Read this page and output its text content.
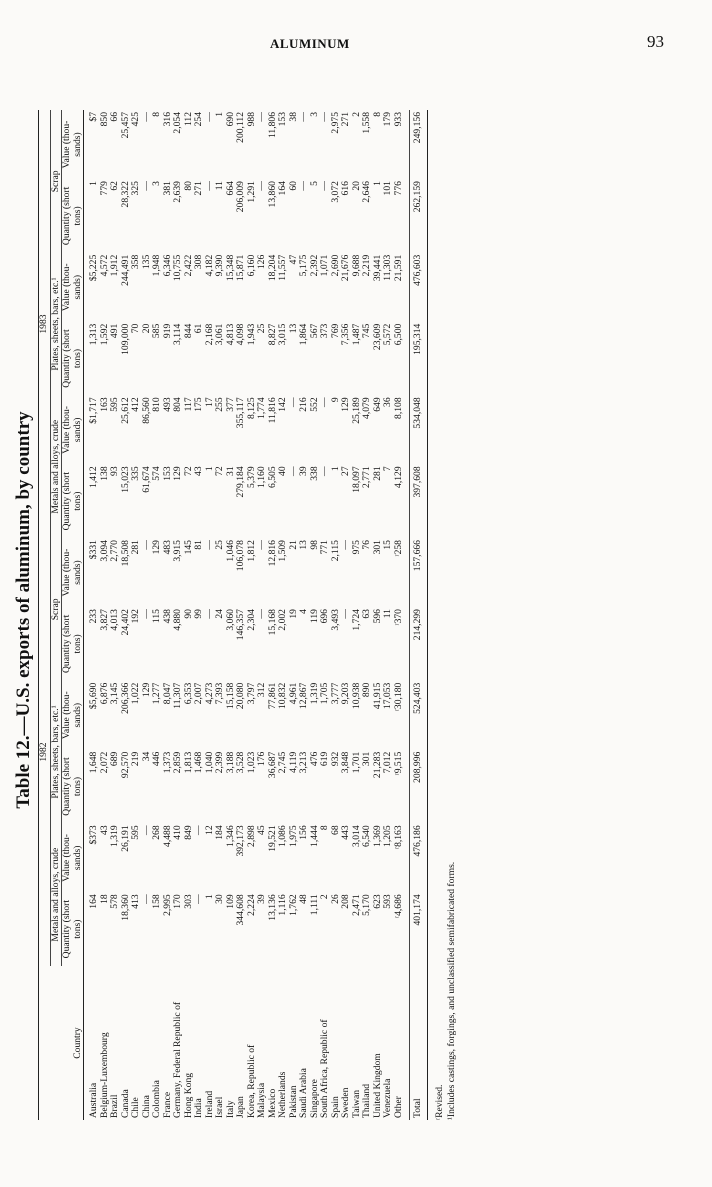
ALUMINUM	93
Table 12.—U.S. exports of aluminum, by country
Country	1982						1983					
	Metals and alloys, crude		Plates, sheets, bars, etc.¹		Scrap		Metals and alloys, crude		Plates, sheets, bars, etc.¹		Scrap	
	Quantity (short tons)	Value (thou- sands)	Quantity (short tons)	Value (thou- sands)	Quantity (short tons)	Value (thou- sands)	Quantity (short tons)	Value (thou- sands)	Quantity (short tons)	Value (thou- sands)	Quantity (short tons)	Value (thou- sands)

Australia	164	$373	1,648	$5,690	233	$331	1,412	$1,717	1,313	$5,225	1	$7
Belgium-Luxembourg	18	43	2,072	6,876	3,827	3,094	138	163	1,592	4,572	779	850
Brazil	578	1,319	689	3,145	4,013	2,770	93	595	491	1,912	62	66
Canada	18,360	26,191	92,570	206,366	24,402	18,508	15,023	25,612	109,000	244,491	28,322	25,457
Chile	413	595	219	1,022	192	281	335	412	70	358	325	425
China	—	—	34	129	—	—	61,674	86,560	20	135	—	—
Colombia	158	268	446	1,277	115	129	574	810	585	1,948	3	8
France	2,995	4,488	1,373	8,047	438	483	153	493	919	6,346	381	316
Germany, Federal Republic of	170	410	2,859	11,307	4,880	3,915	129	804	3,114	10,755	2,639	2,054
Hong Kong	303	849	1,813	6,353	90	145	72	117	844	2,422	80	112
India	—	—	1,468	2,007	99	81	43	175	61	308	271	254
Ireland	1	12	1,040	4,273	—	—	1	17	2,168	4,182	—	—
Israel	30	184	2,399	7,393	24	25	72	255	3,061	9,390	11	1
Italy	109	1,346	3,188	15,158	3,060	1,046	31	377	4,813	15,348	664	690
Japan	344,608	392,173	3,528	20,080	146,357	106,078	279,184	355,117	4,098	15,871	206,009	200,112
Korea, Republic of	2,224	2,898	1,023	3,797	2,304	1,812	5,379	8,125	1,943	6,160	1,291	988
Malaysia	39	45	176	312	—	—	1,160	1,774	25	126	—	—
Mexico	13,136	19,521	36,687	77,861	15,168	12,816	6,505	11,816	8,827	18,204	13,860	11,806
Netherlands	1,116	1,086	2,745	10,832	2,002	1,509	40	142	3,015	11,557	164	153
Pakistan	1,762	1,975	4,119	4,961	19	21	—	—	13	47	60	38
Saudi Arabia	48	156	3,213	12,867	4	13	39	216	1,864	5,175	—	—
Singapore	1,111	1,444	476	1,319	119	98	338	552	567	2,392	5	3
South Africa, Republic of	2	8	619	1,705	696	771	—	—	373	1,071	—	—
Spain	26	68	932	3,777	3,493	2,115	1	9	769	2,690	3,072	2,975
Sweden	208	443	3,848	9,203	—	—	27	129	7,356	21,676	616	271
Taiwan	2,471	3,014	1,701	10,938	1,724	975	18,097	25,189	1,487	9,688	20	2
Thailand	5,170	6,540	301	890	63	76	2,771	4,079	745	2,219	2,646	1,558
United Kingdom	623	1,369	21,283	41,915	596	301	281	649	23,609	39,441	1	8
Venezuela	593	1,205	7,012	17,053	11	15	7	36	5,572	11,303	101	179
Other	ʳ4,686	ʳ8,163	ʳ9,515	ʳ30,180	ʳ370	ʳ258	4,129	8,108	6,500	21,591	776	933

Total	401,174	476,186	208,996	524,403	214,299	157,666	397,608	534,048	195,314	476,603	262,159	249,156
ʳRevised. ¹Includes castings, forgings, and unclassified semifabricated forms.
